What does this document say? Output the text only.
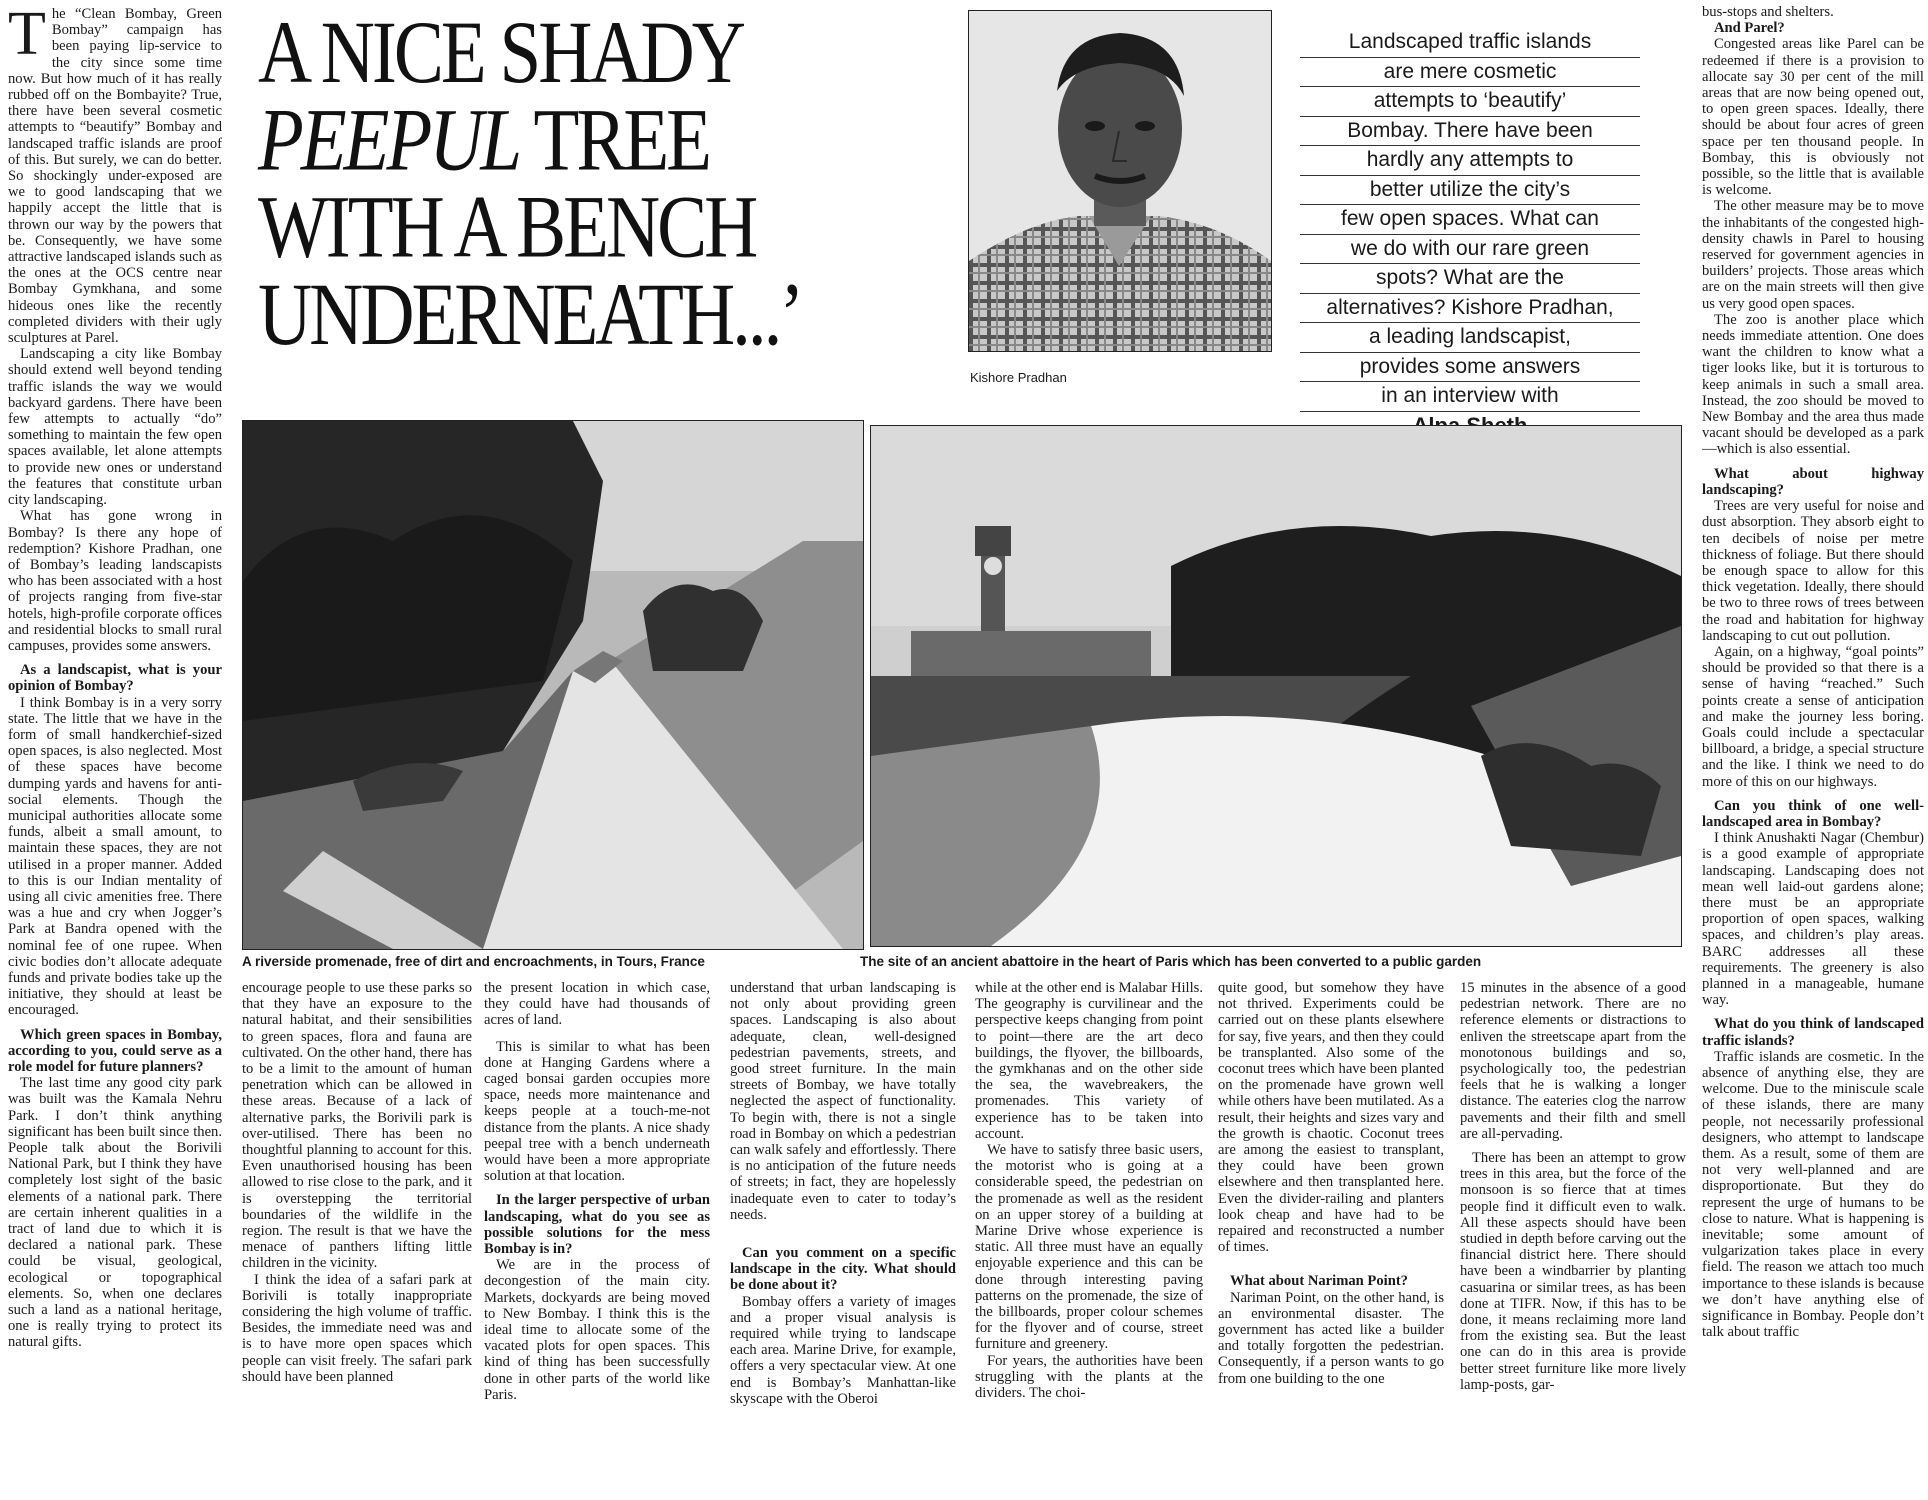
A NICE SHADY
PEEPUL TREE
WITH A BENCH
UNDERNEATH...’
Kishore Pradhan
Landscaped traffic islands
are mere cosmetic
attempts to ‘beautify’
Bombay. There have been
hardly any attempts to
better utilize the city’s
few open spaces. What can
we do with our rare green
spots? What are the
alternatives? Kishore Pradhan,
a leading landscapist,
provides some answers
in an interview with
A riverside promenade, free of dirt and encroachments, in Tours, France	The site of an ancient abattoire in the heart of Paris which has been converted to a public garden

The “Clean Bombay, Green Bombay” campaign has been paying lip-service to the city since some time now. But how much of it has really rubbed off on the Bombayite? True, there have been several cosmetic attempts to “beautify” Bombay and landscaped traffic islands are proof of this. But surely, we can do better. So shockingly under-exposed are we to good landscaping that we happily accept the little that is thrown our way by the powers that be. Consequently, we have some attractive landscaped islands such as the ones at the OCS centre near Bombay Gymkhana, and some hideous ones like the recently completed dividers with their ugly sculptures at Parel.

Landscaping a city like Bombay should extend well beyond tending traffic islands the way we would backyard gardens. There have been few attempts to actually “do” something to maintain the few open spaces available, let alone attempts to provide new ones or understand the features that constitute urban city landscaping.

What has gone wrong in Bombay? Is there any hope of redemption? Kishore Pradhan, one of Bombay’s leading landscapists who has been associated with a host of projects ranging from five-star hotels, high-profile corporate offices and residential blocks to small rural campuses, provides some answers.

As a landscapist, what is your opinion of Bombay?

I think Bombay is in a very sorry state. The little that we have in the form of small handkerchief-sized open spaces, is also neglected. Most of these spaces have become dumping yards and havens for anti-social elements. Though the municipal authorities allocate some funds, albeit a small amount, to maintain these spaces, they are not utilised in a proper manner. Added to this is our Indian mentality of using all civic amenities free. There was a hue and cry when Jogger’s Park at Bandra opened with the nominal fee of one rupee. When civic bodies don’t allocate adequate funds and private bodies take up the initiative, they should at least be encouraged.

Which green spaces in Bombay, according to you, could serve as a role model for future planners?

The last time any good city park was built was the Kamala Nehru Park. I don’t think anything significant has been built since then. People talk about the Borivili National Park, but I think they have completely lost sight of the basic elements of a national park. There are certain inherent qualities in a tract of land due to which it is declared a national park. These could be visual, geological, ecological or topographical elements. So, when one declares such a land as a national heritage, one is really trying to protect its natural gifts.

encourage people to use these parks so that they have an exposure to the natural habitat, and their sensibilities to green spaces, flora and fauna are cultivated. On the other hand, there has to be a limit to the amount of human penetration which can be allowed in these areas. Because of a lack of alternative parks, the Borivili park is over-utilised. There has been no thoughtful planning to account for this. Even unauthorised housing has been allowed to rise close to the park, and it is overstepping the territorial boundaries of the wildlife in the region. The result is that we have the menace of panthers lifting little children in the vicinity.

I think the idea of a safari park at Borivili is totally inappropriate considering the high volume of traffic. Besides, the immediate need was and is to have more open spaces which people can visit freely. The safari park should have been planned

the present location in which case, they could have had thousands of acres of land.

This is similar to what has been done at Hanging Gardens where a caged bonsai garden occupies more space, needs more maintenance and keeps people at a touch-me-not distance from the plants. A nice shady peepal tree with a bench underneath would have been a more appropriate solution at that location.

In the larger perspective of urban landscaping, what do you see as possible solutions for the mess Bombay is in?

We are in the process of decongestion of the main city. Markets, dockyards are being moved to New Bombay. I think this is the ideal time to allocate some of the vacated plots for open spaces. This kind of thing has been successfully done in other parts of the world like Paris.

understand that urban landscaping is not only about providing green spaces. Landscaping is also about adequate, clean, well-designed pedestrian pavements, streets, and good street furniture. In the main streets of Bombay, we have totally neglected the aspect of functionality. To begin with, there is not a single road in Bombay on which a pedestrian can walk safely and effortlessly. There is no anticipation of the future needs of streets; in fact, they are hopelessly inadequate even to cater to today’s needs.

Can you comment on a specific landscape in the city. What should be done about it?

Bombay offers a variety of images and a proper visual analysis is required while trying to landscape each area. Marine Drive, for example, offers a very spectacular view. At one end is Bombay’s Manhattan-like skyscape with the Oberoi

while at the other end is Malabar Hills. The geography is curvilinear and the perspective keeps changing from point to point—there are the art deco buildings, the flyover, the billboards, the gymkhanas and on the other side the sea, the wavebreakers, the promenades. This variety of experience has to be taken into account.

We have to satisfy three basic users, the motorist who is going at a considerable speed, the pedestrian on the promenade as well as the resident on an upper storey of a building at Marine Drive whose experience is static. All three must have an equally enjoyable experience and this can be done through interesting paving patterns on the promenade, the size of the billboards, proper colour schemes for the flyover and of course, street furniture and greenery.

For years, the authorities have been struggling with the plants at the dividers. The choi-

quite good, but somehow they have not thrived. Experiments could be carried out on these plants elsewhere for say, five years, and then they could be transplanted. Also some of the coconut trees which have been planted on the promenade have grown well while others have been mutilated. As a result, their heights and sizes vary and the growth is chaotic. Coconut trees are among the easiest to transplant, they could have been grown elsewhere and then transplanted here. Even the divider-railing and planters look cheap and have had to be repaired and reconstructed a number of times.

What about Nariman Point?

Nariman Point, on the other hand, is an environmental disaster. The government has acted like a builder and totally forgotten the pedestrian. Consequently, if a person wants to go from one building to the one

15 minutes in the absence of a good pedestrian network. There are no reference elements or distractions to enliven the streetscape apart from the monotonous buildings and so, psychologically too, the pedestrian feels that he is walking a longer distance. The eateries clog the narrow pavements and their filth and smell are all-pervading.

There has been an attempt to grow trees in this area, but the force of the monsoon is so fierce that at times people find it difficult even to walk. All these aspects should have been studied in depth before carving out the financial district here. There should have been a windbarrier by planting casuarina or similar trees, as has been done at TIFR. Now, if this has to be done, it means reclaiming more land from the existing sea. But the least one can do in this area is provide better street furniture like more lively lamp-posts, gar-

bus-stops and shelters.

And Parel?

Congested areas like Parel can be redeemed if there is a provision to allocate say 30 per cent of the mill areas that are now being opened out, to open green spaces. Ideally, there should be about four acres of green space per ten thousand people. In Bombay, this is obviously not possible, so the little that is available is welcome.

The other measure may be to move the inhabitants of the congested high-density chawls in Parel to housing reserved for government agencies in builders’ projects. Those areas which are on the main streets will then give us very good open spaces.

The zoo is another place which needs immediate attention. One does want the children to know what a tiger looks like, but it is torturous to keep animals in such a small area. Instead, the zoo should be moved to New Bombay and the area thus made vacant should be developed as a park—which is also essential.

What about highway landscaping?

Trees are very useful for noise and dust absorption. They absorb eight to ten decibels of noise per metre thickness of foliage. But there should be enough space to allow for this thick vegetation. Ideally, there should be two to three rows of trees between the road and habitation for highway landscaping to cut out pollution.

Again, on a highway, “goal points” should be provided so that there is a sense of having “reached.” Such points create a sense of anticipation and make the journey less boring. Goals could include a spectacular billboard, a bridge, a special structure and the like. I think we need to do more of this on our highways.

Can you think of one well-landscaped area in Bombay?

I think Anushakti Nagar (Chembur) is a good example of appropriate landscaping. Landscaping does not mean well laid-out gardens alone; there must be an appropriate proportion of open spaces, walking spaces, and children’s play areas. BARC addresses all these requirements. The greenery is also planned in a manageable, humane way.

What do you think of landscaped traffic islands?

Traffic islands are cosmetic. In the absence of anything else, they are welcome. Due to the miniscule scale of these islands, there are many people, not necessarily professional designers, who attempt to landscape them. As a result, some of them are not very well-planned and are disproportionate. But they do represent the urge of humans to be close to nature. What is happening is inevitable; some amount of vulgarization takes place in every field. The reason we attach too much importance to these islands is because we don’t have anything else of significance in Bombay. People don’t talk about traffic
